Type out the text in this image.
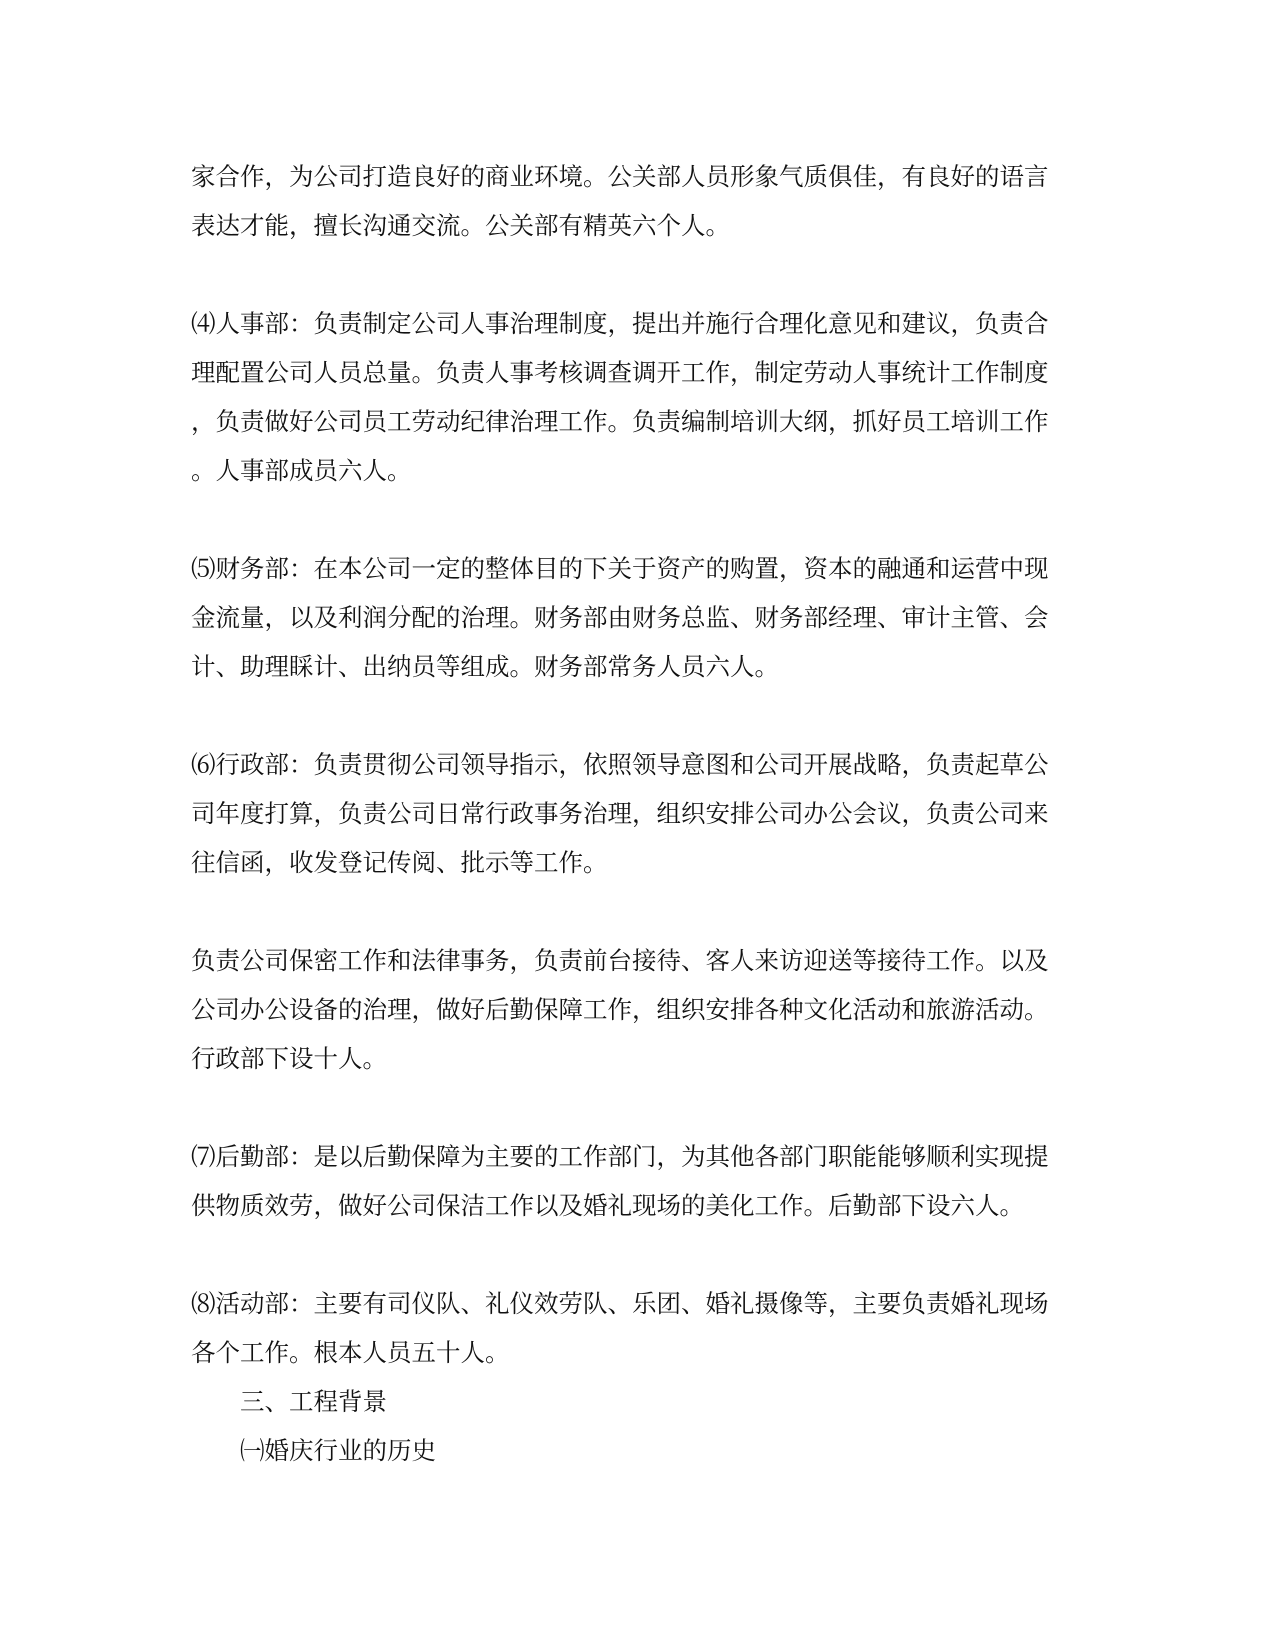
家合作，为公司打造良好的商业环境。公关部人员形象气质俱佳，有良好的语言
表达才能，擅长沟通交流。公关部有精英六个人。

⑷人事部：负责制定公司人事治理制度，提出并施行合理化意见和建议，负责合
理配置公司人员总量。负责人事考核调查调开工作，制定劳动人事统计工作制度
，负责做好公司员工劳动纪律治理工作。负责编制培训大纲，抓好员工培训工作
。人事部成员六人。

⑸财务部：在本公司一定的整体目的下关于资产的购置，资本的融通和运营中现
金流量，以及利润分配的治理。财务部由财务总监、财务部经理、审计主管、会
计、助理睬计、出纳员等组成。财务部常务人员六人。

⑹行政部：负责贯彻公司领导指示，依照领导意图和公司开展战略，负责起草公
司年度打算，负责公司日常行政事务治理，组织安排公司办公会议，负责公司来
往信函，收发登记传阅、批示等工作。

负责公司保密工作和法律事务，负责前台接待、客人来访迎送等接待工作。以及
公司办公设备的治理，做好后勤保障工作，组织安排各种文化活动和旅游活动。
行政部下设十人。

⑺后勤部：是以后勤保障为主要的工作部门，为其他各部门职能能够顺利实现提
供物质效劳，做好公司保洁工作以及婚礼现场的美化工作。后勤部下设六人。

⑻活动部：主要有司仪队、礼仪效劳队、乐团、婚礼摄像等，主要负责婚礼现场
各个工作。根本人员五十人。

三、工程背景
㈠婚庆行业的历史
